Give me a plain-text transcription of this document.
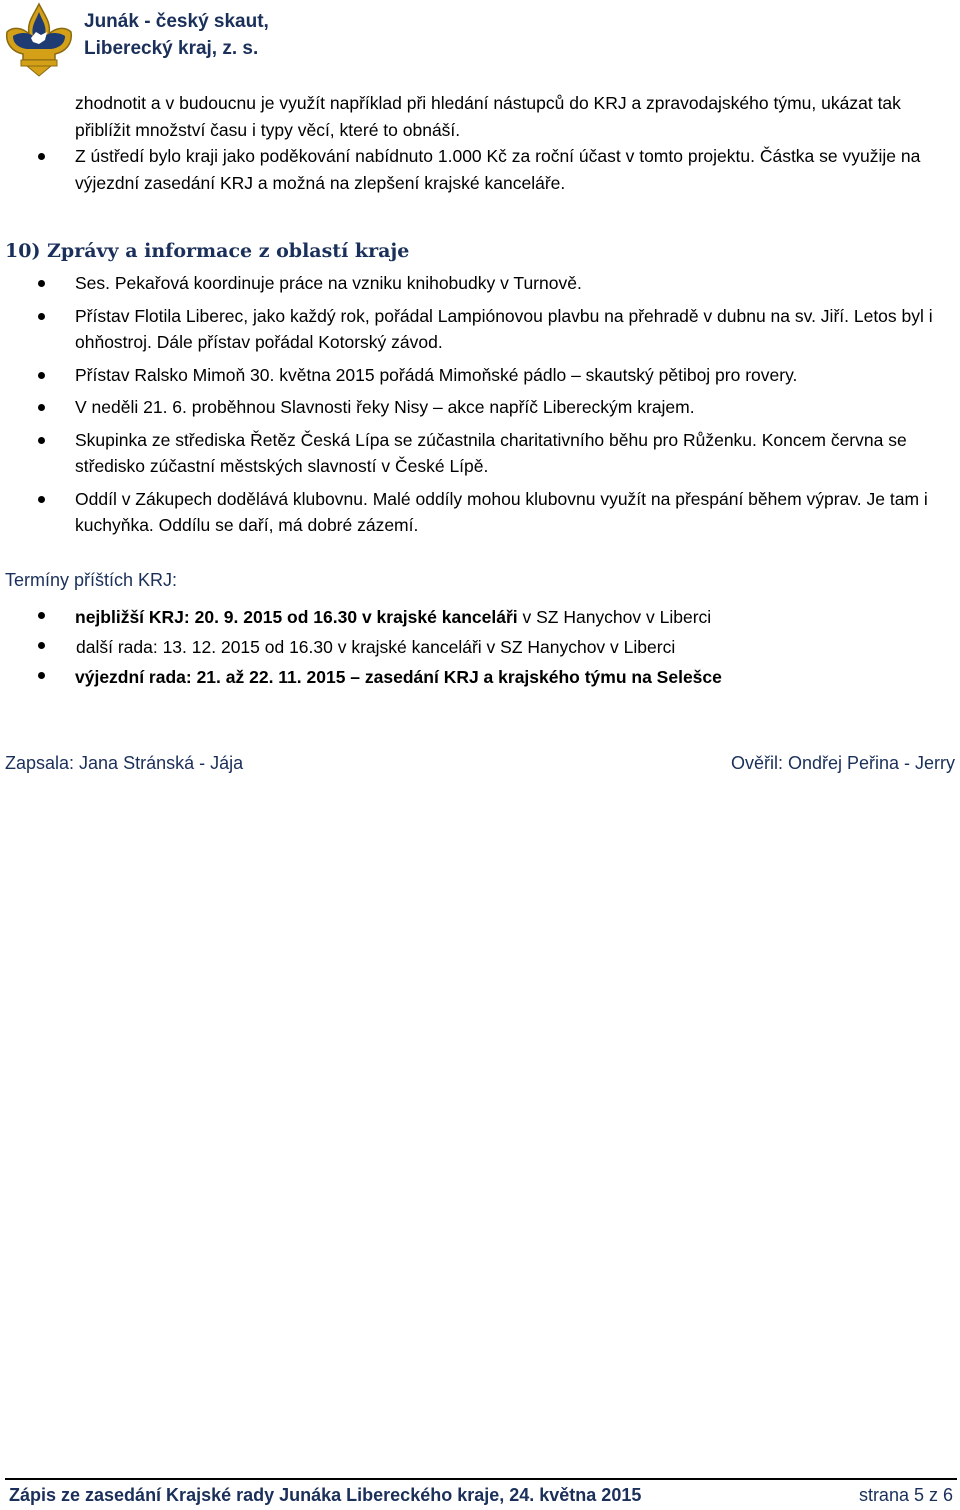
Junák - český skaut,
Liberecký kraj, z. s.
zhodnotit a v budoucnu je využít například při hledání nástupců do KRJ a zpravodajského týmu, ukázat tak přiblížit množství času i typy věcí, které to obnáší.
Z ústředí bylo kraji jako poděkování nabídnuto 1.000 Kč za roční účast v tomto projektu. Částka se využije na výjezdní zasedání KRJ a možná na zlepšení krajské kanceláře.
10) Zprávy a informace z oblastí kraje
Ses. Pekařová koordinuje práce na vzniku knihobudky v Turnově.
Přístav Flotila Liberec, jako každý rok, pořádal Lampiónovou plavbu na přehradě v dubnu na sv. Jiří. Letos byl i ohňostroj. Dále přístav pořádal Kotorský závod.
Přístav Ralsko Mimoň 30. května 2015 pořádá Mimoňské pádlo – skautský pětiboj pro rovery.
V neděli 21. 6. proběhnou Slavnosti řeky Nisy – akce napříč Libereckým krajem.
Skupinka ze střediska Řetěz Česká Lípa se zúčastnila charitativního běhu pro Růženku. Koncem června se středisko zúčastní městských slavností v České Lípě.
Oddíl v Zákupech dodělává klubovnu. Malé oddíly mohou klubovnu využít na přespání během výprav. Je tam i kuchyňka. Oddílu se daří, má dobré zázemí.
Termíny příštích KRJ:
nejbližší KRJ: 20. 9. 2015 od 16.30 v krajské kanceláři v SZ Hanychov v Liberci
další rada: 13. 12. 2015 od 16.30 v krajské kanceláři v SZ Hanychov v Liberci
výjezdní rada: 21. až 22. 11. 2015 – zasedání KRJ a krajského týmu na Selešce
Zapsala: Jana Stránská - Jája	Ověřil: Ondřej Peřina - Jerry
Zápis ze zasedání Krajské rady Junáka Libereckého kraje, 24. května 2015	strana 5 z 6
